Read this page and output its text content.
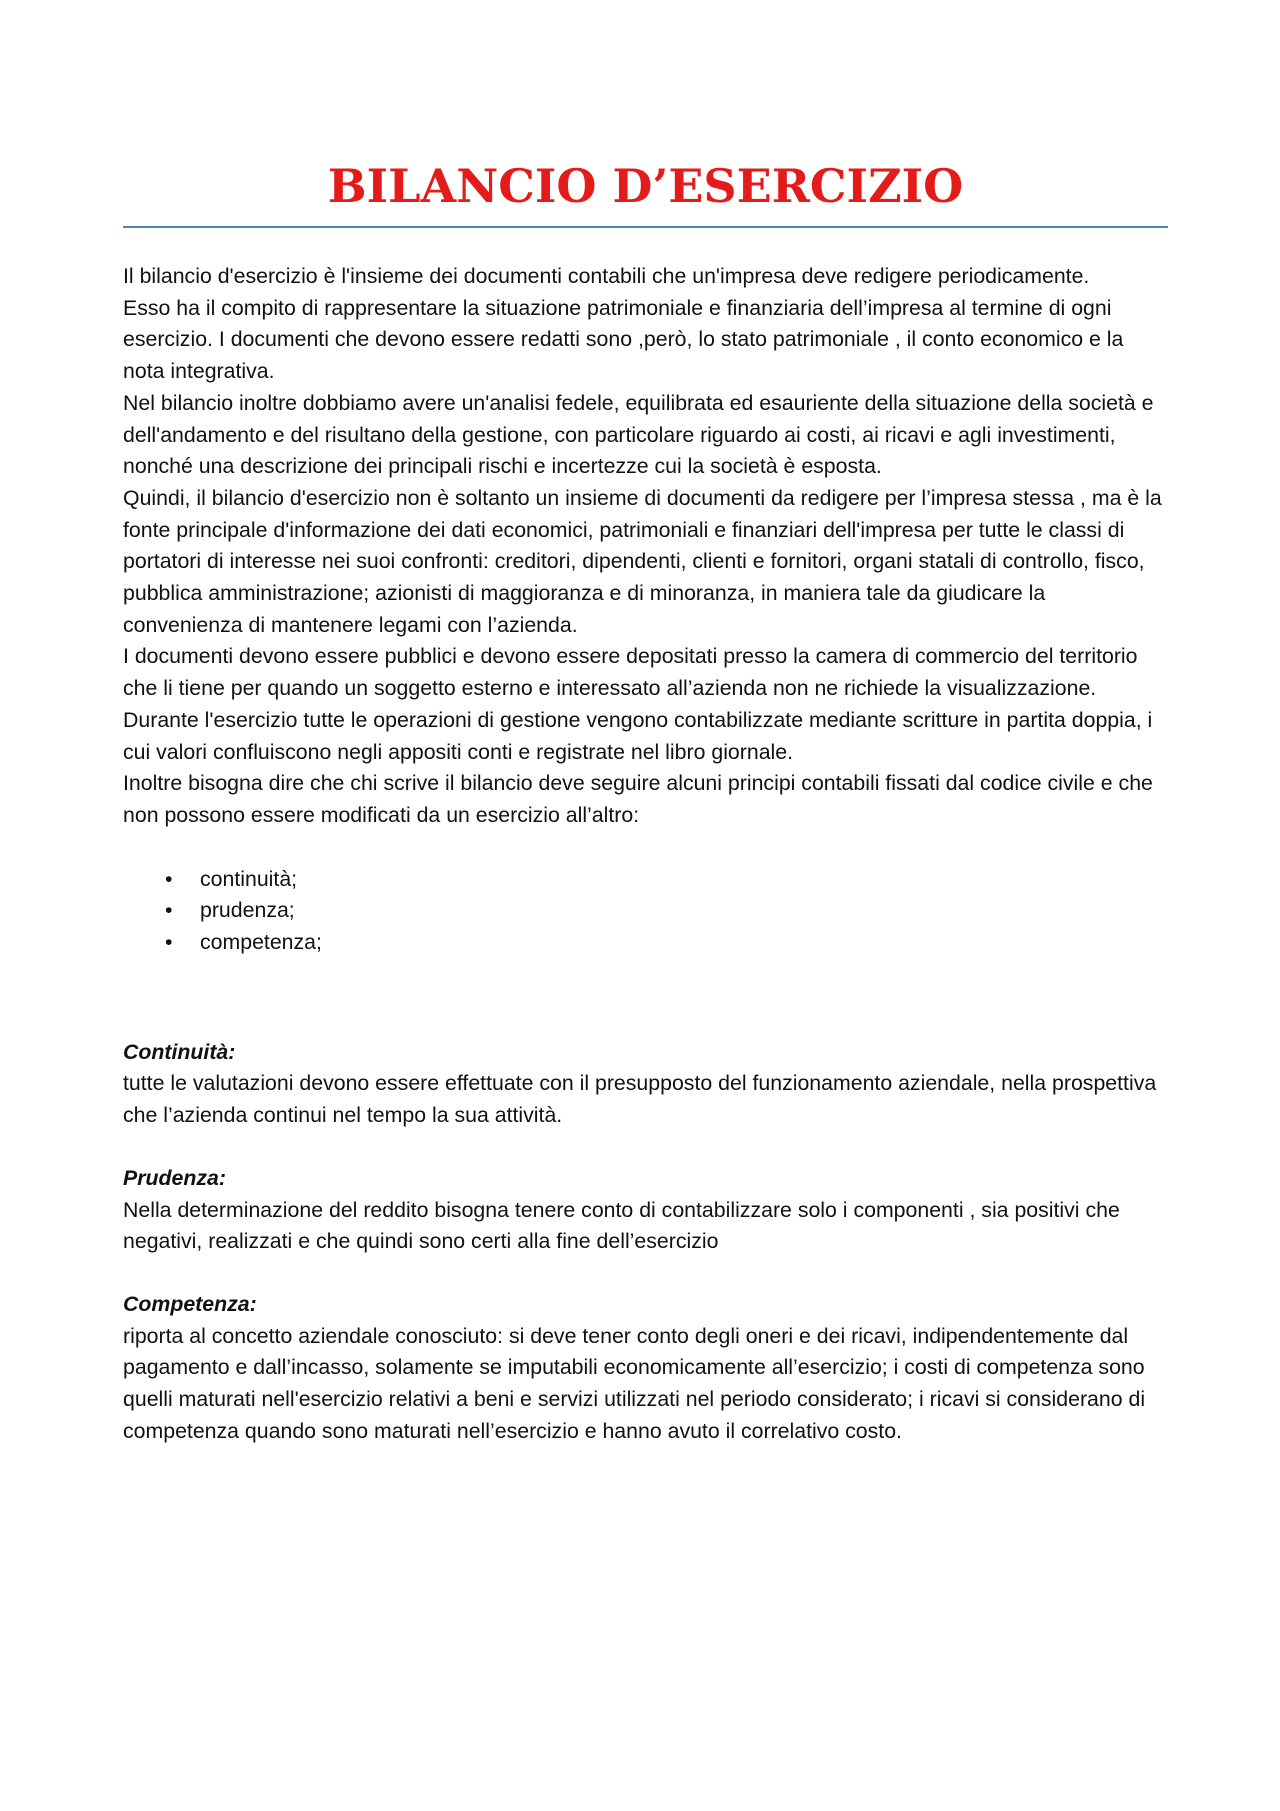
BILANCIO D’ESERCIZIO

Il bilancio d'esercizio è l'insieme dei documenti contabili che un'impresa deve redigere periodicamente.

Esso ha il compito di rappresentare la situazione patrimoniale e finanziaria dell’impresa al termine di ogni esercizio. I documenti che devono essere redatti sono ,però, lo stato patrimoniale , il conto economico e la nota integrativa.

Nel bilancio inoltre dobbiamo avere un'analisi fedele, equilibrata ed esauriente della situazione della società e dell'andamento e del risultano della gestione, con particolare riguardo ai costi, ai ricavi e agli investimenti, nonché una descrizione dei principali rischi e incertezze cui la società è esposta.

Quindi, il bilancio d'esercizio non è soltanto un insieme di documenti da redigere per l’impresa stessa , ma è la fonte principale d'informazione dei dati economici, patrimoniali e finanziari dell'impresa per tutte le classi di portatori di interesse nei suoi confronti: creditori, dipendenti, clienti e fornitori, organi statali di controllo, fisco, pubblica amministrazione; azionisti di maggioranza e di minoranza, in maniera tale da giudicare la convenienza di mantenere legami con l’azienda.

I documenti devono essere pubblici e devono essere depositati presso la camera di commercio del territorio che li tiene per quando un soggetto esterno e interessato all’azienda non ne richiede la visualizzazione.

Durante l'esercizio tutte le operazioni di gestione vengono contabilizzate mediante scritture in partita doppia, i cui valori confluiscono negli appositi conti e registrate nel libro giornale.

Inoltre bisogna dire che chi scrive il bilancio deve seguire alcuni principi contabili fissati dal codice civile e che non possono essere modificati da un esercizio all’altro:

• continuità;
• prudenza;
• competenza;
Continuità:

tutte le valutazioni devono essere effettuate con il presupposto del funzionamento aziendale, nella prospettiva che l’azienda continui nel tempo la sua attività.

Prudenza:

Nella determinazione del reddito bisogna tenere conto di contabilizzare solo i componenti , sia positivi che negativi, realizzati e che quindi sono certi alla fine dell’esercizio

Competenza:

riporta al concetto aziendale conosciuto: si deve tener conto degli oneri e dei ricavi, indipendentemente dal pagamento e dall’incasso, solamente se imputabili economicamente all’esercizio; i costi di competenza sono quelli maturati nell'esercizio relativi a beni e servizi utilizzati nel periodo considerato; i ricavi si considerano di competenza quando sono maturati nell’esercizio e hanno avuto il correlativo costo.
